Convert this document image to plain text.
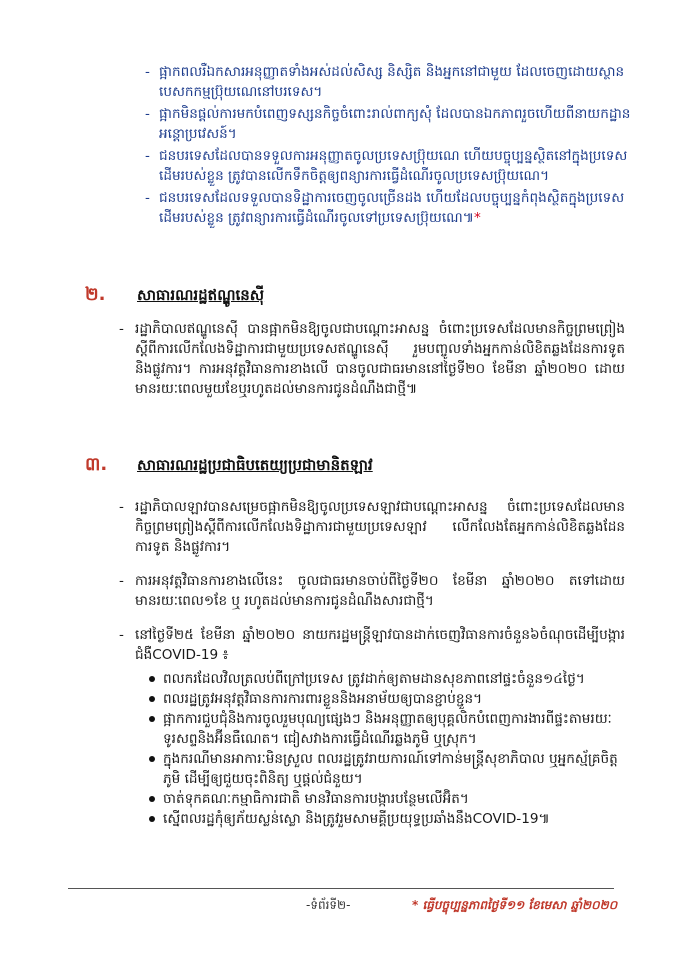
- ផ្អាកពលរឺឯកសារអនុញ្ញាតទាំងអស់ដល់សិស្ស និស្សិត និងអ្នកនៅជាមួយ ដែលចេញដោយស្ថានបេសកកម្មប្រ៊ុយណេនៅបរទេស។
- ផ្អាកមិនផ្តល់ការមកបំពេញទស្សនកិច្ចចំពោះរាល់ពាក្យសុំ ដែលបានឯកភាពរួចហើយពីនាយកដ្ឋានអន្តោប្រវេសន៍។
- ជនបរទេសដែលបានទទួលការអនុញ្ញាតចូលប្រទេសប្រ៊ុយណេ ហើយបច្ចុប្បន្នស្ថិតនៅក្នុងប្រទេសដើមរបស់ខ្លួន ត្រូវបានលើកទឹកចិត្តឲ្យពន្យារការធ្វើដំណើរចូលប្រទេសប្រ៊ុយណេ។
- ជនបរទេសដែលទទួលបានទិដ្ឋាការចេញចូលច្រើនដង ហើយដែលបច្ចុប្បន្នកំពុងស្ថិតក្នុងប្រទេសដើមរបស់ខ្លួន ត្រូវពន្យារការធ្វើដំណើរចូលទៅប្រទេសប្រ៊ុយណេ៕*
២.	សាធារណរដ្ឋឥណ្ឌូនេស៊ី
- រដ្ឋាភិបាលឥណ្ឌូនេស៊ី បានផ្អាកមិនឱ្យចូលជាបណ្តោះអាសន្ន ចំពោះប្រទេសដែលមានកិច្ចព្រមព្រៀង ស្តីពីការលើកលែងទិដ្ឋាការជាមួយប្រទេសឥណ្ឌូនេស៊ី រួមបញ្ចូលទាំងអ្នកកាន់លិខិតឆ្លងដែនការទូត និងផ្លូវការ។ ការអនុវត្តវិធានការខាងលើ បានចូលជាធរមាននៅថ្ងៃទី២០ ខែមីនា ឆ្នាំ២០២០ ដោយមានរយៈពេលមួយខែឬរហូតដល់មានការជូនដំណឹងជាថ្មី៕
៣.	សាធារណរដ្ឋប្រជាធិបតេយ្យប្រជាមានិតឡាវ
- រដ្ឋាភិបាលឡាវបានសម្រេចផ្អាកមិនឱ្យចូលប្រទេសឡាវជាបណ្តោះអាសន្ន ចំពោះប្រទេសដែលមានកិច្ចព្រមព្រៀងស្តីពីការលើកលែងទិដ្ឋាការជាមួយប្រទេសឡាវ លើកលែងតែអ្នកកាន់លិខិតឆ្លងដែនការទូត និងផ្លូវការ។
- ការអនុវត្តវិធានការខាងលើនេះ ចូលជាធរមានចាប់ពីថ្ងៃទី២០ ខែមីនា ឆ្នាំ២០២០ តទៅដោយមានរយៈពេល១ខែ ឬ រហូតដល់មានការជូនដំណឹងសារជាថ្មី។
- នៅថ្ងៃទី២៥ ខែមីនា ឆ្នាំ២០២០ នាយករដ្ឋមន្ត្រីឡាវបានដាក់ចេញវិធានការចំនួន៦ចំណុចដើម្បីបង្ការជំងឺCOVID-19 ៖
ពលករដែលវិលត្រលប់ពីក្រៅប្រទេស ត្រូវដាក់ឲ្យតាមដានសុខភាពនៅផ្ទះចំនួន១៤ថ្ងៃ។
ពលរដ្ឋត្រូវអនុវត្តវិធានការការពារខ្លួននិងអនាម័យឲ្យបានខ្ជាប់ខ្ជួន។
ផ្អាកការជួបជុំនិងការចូលរួមបុណ្យផ្សេងៗ និងអនុញ្ញាតឲ្យបុគ្គលិកបំពេញការងារពីផ្ទះតាមរយៈទូរសព្ទនិងអ៊ីនធឺណេត។ ជៀសវាងការធ្វើដំណើរឆ្លងភូមិ ឬស្រុក។
ក្នុងករណីមានអាការៈមិនស្រួល ពលរដ្ឋត្រូវរាយការណ៍ទៅកាន់មន្ត្រីសុខាភិបាល ឬអ្នកស្ម័គ្រចិត្តភូមិ ដើម្បីឲ្យជួយចុះពិនិត្យ ឬផ្តល់ជំនួយ។
ចាត់ទុកគណៈកម្មាធិការជាតិ មានវិធានការបង្ការបន្ថែមលើអ៊ិត។
ស្នើពលរដ្ឋកុំឲ្យភ័យស្លន់ស្លោ និងត្រូវរួមសាមគ្គីប្រយុទ្ធប្រឆាំងនឹងCOVID-19៕
-ទំព័រទី២-	* ធ្វើបច្ចុប្បន្នភាពថ្ងៃទី១១ ខែមេសា ឆ្នាំ២០២០
